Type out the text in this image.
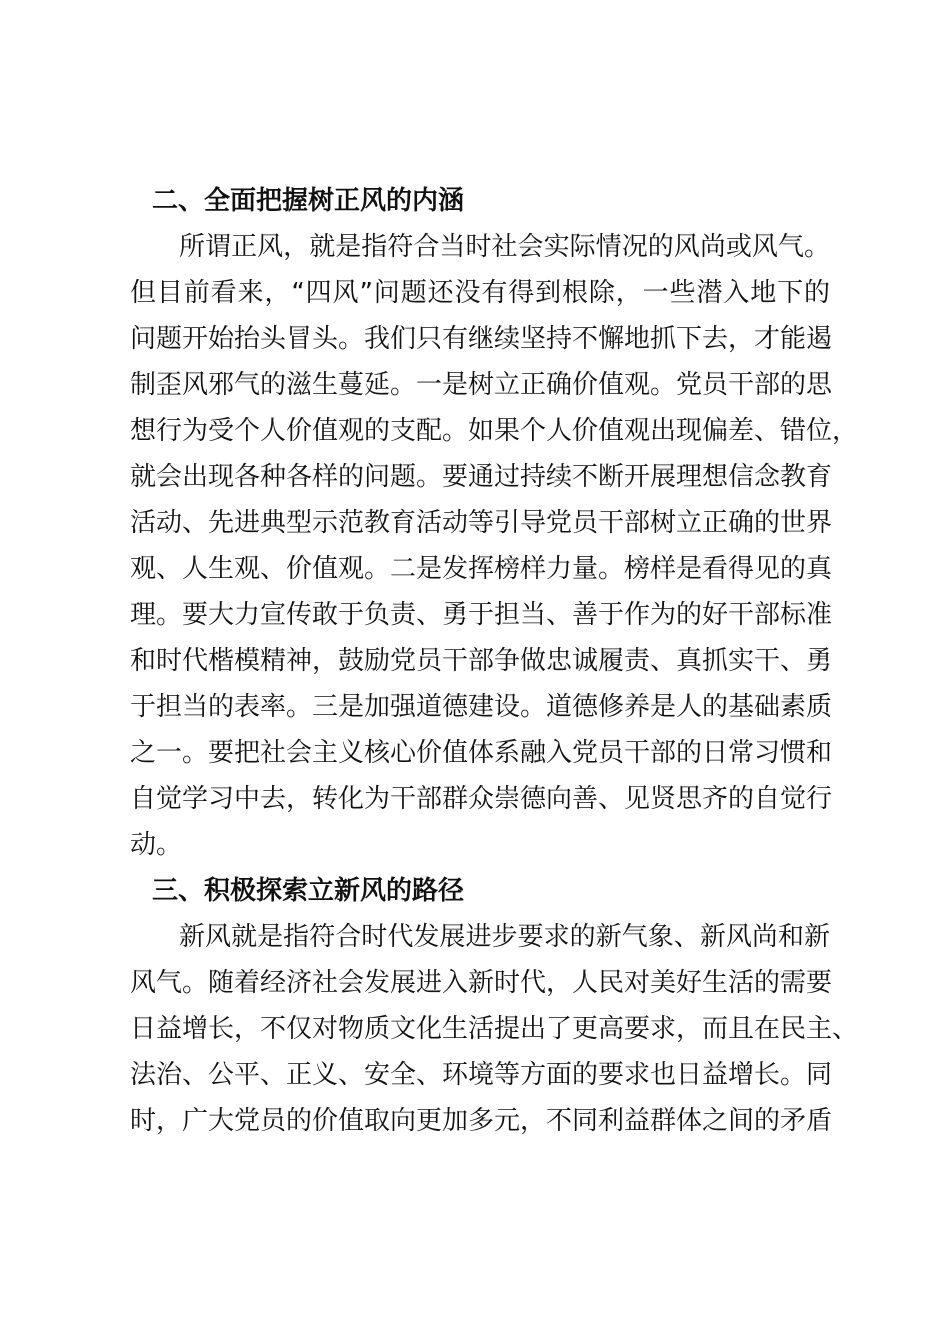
二、全面把握树正风的内涵
所谓正风，就是指符合当时社会实际情况的风尚或风气。
但目前看来，“四风”问题还没有得到根除，一些潜入地下的
问题开始抬头冒头。我们只有继续坚持不懈地抓下去，才能遏
制歪风邪气的滋生蔓延。一是树立正确价值观。党员干部的思
想行为受个人价值观的支配。如果个人价值观出现偏差、错位，
就会出现各种各样的问题。要通过持续不断开展理想信念教育
活动、先进典型示范教育活动等引导党员干部树立正确的世界
观、人生观、价值观。二是发挥榜样力量。榜样是看得见的真
理。要大力宣传敢于负责、勇于担当、善于作为的好干部标准
和时代楷模精神，鼓励党员干部争做忠诚履责、真抓实干、勇
于担当的表率。三是加强道德建设。道德修养是人的基础素质
之一。要把社会主义核心价值体系融入党员干部的日常习惯和
自觉学习中去，转化为干部群众崇德向善、见贤思齐的自觉行
动。
三、积极探索立新风的路径
新风就是指符合时代发展进步要求的新气象、新风尚和新
风气。随着经济社会发展进入新时代，人民对美好生活的需要
日益增长，不仅对物质文化生活提出了更高要求，而且在民主、
法治、公平、正义、安全、环境等方面的要求也日益增长。同
时，广大党员的价值取向更加多元，不同利益群体之间的矛盾
